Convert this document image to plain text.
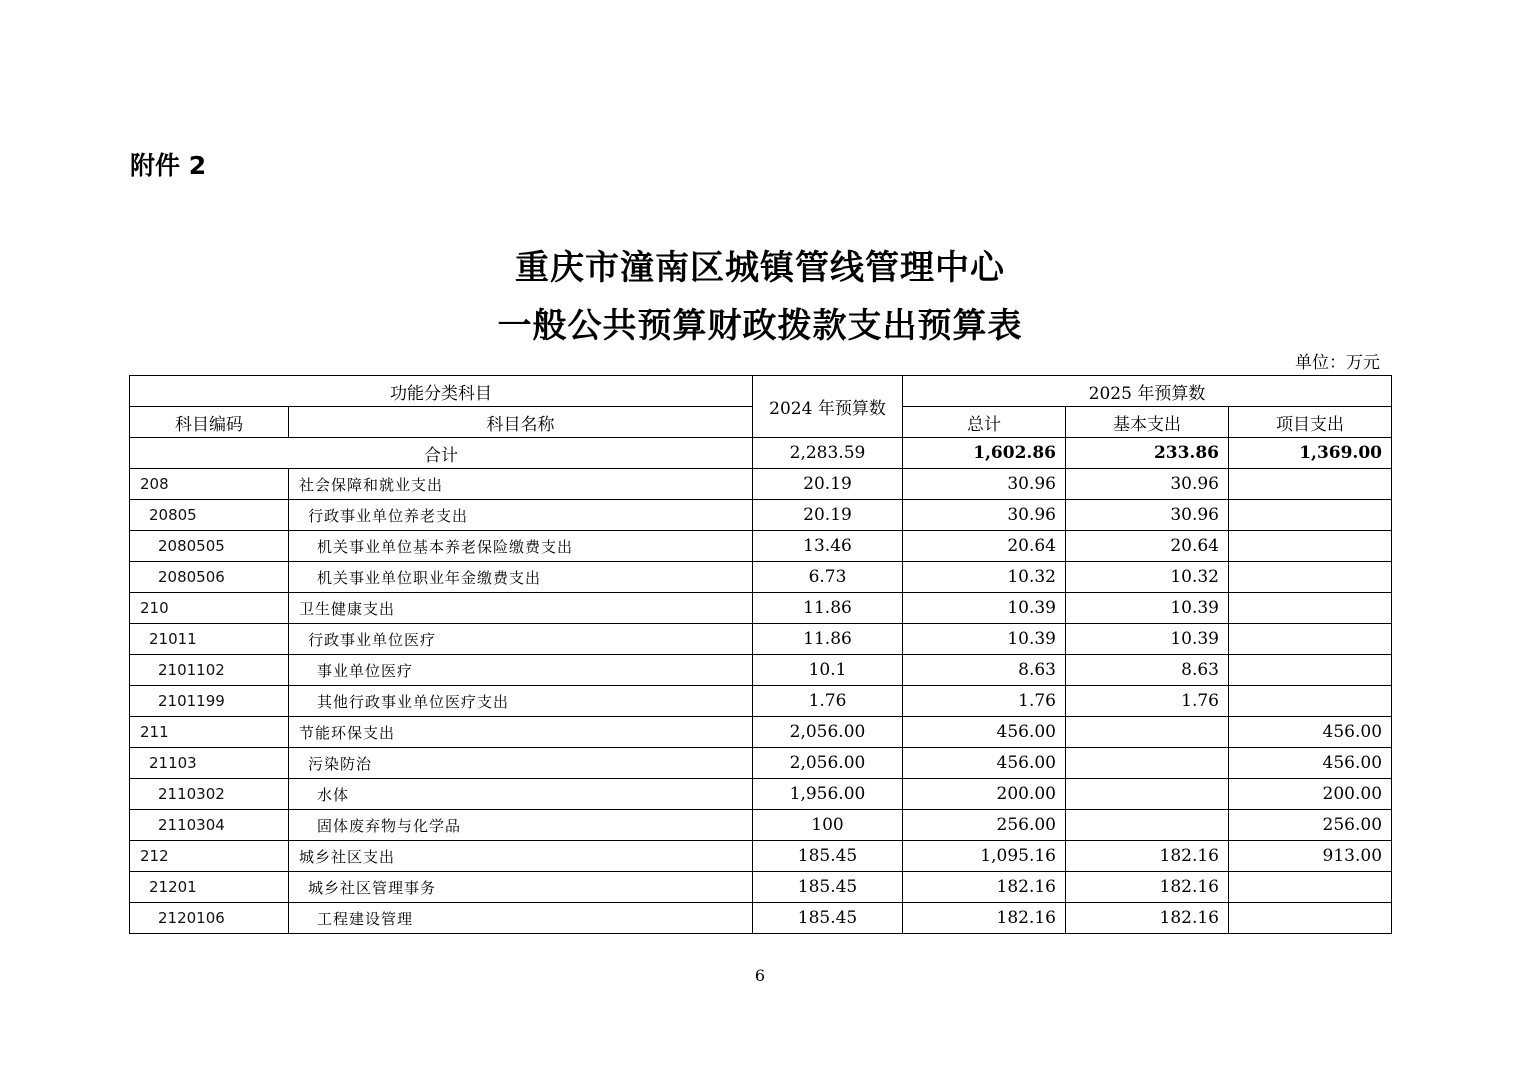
附件 2
重庆市潼南区城镇管线管理中心
一般公共预算财政拨款支出预算表
单位：万元
功能分类科目		2024 年预算数	2025 年预算数		
科目编码	科目名称		总计	基本支出	项目支出
合计		2,283.59	1,602.86	233.86	1,369.00
208	社会保障和就业支出	20.19	30.96	30.96	
20805	行政事业单位养老支出	20.19	30.96	30.96	
2080505	机关事业单位基本养老保险缴费支出	13.46	20.64	20.64	
2080506	机关事业单位职业年金缴费支出	6.73	10.32	10.32	
210	卫生健康支出	11.86	10.39	10.39	
21011	行政事业单位医疗	11.86	10.39	10.39	
2101102	事业单位医疗	10.1	8.63	8.63	
2101199	其他行政事业单位医疗支出	1.76	1.76	1.76	
211	节能环保支出	2,056.00	456.00		456.00
21103	污染防治	2,056.00	456.00		456.00
2110302	水体	1,956.00	200.00		200.00
2110304	固体废弃物与化学品	100	256.00		256.00
212	城乡社区支出	185.45	1,095.16	182.16	913.00
21201	城乡社区管理事务	185.45	182.16	182.16	
2120106	工程建设管理	185.45	182.16	182.16	
6
